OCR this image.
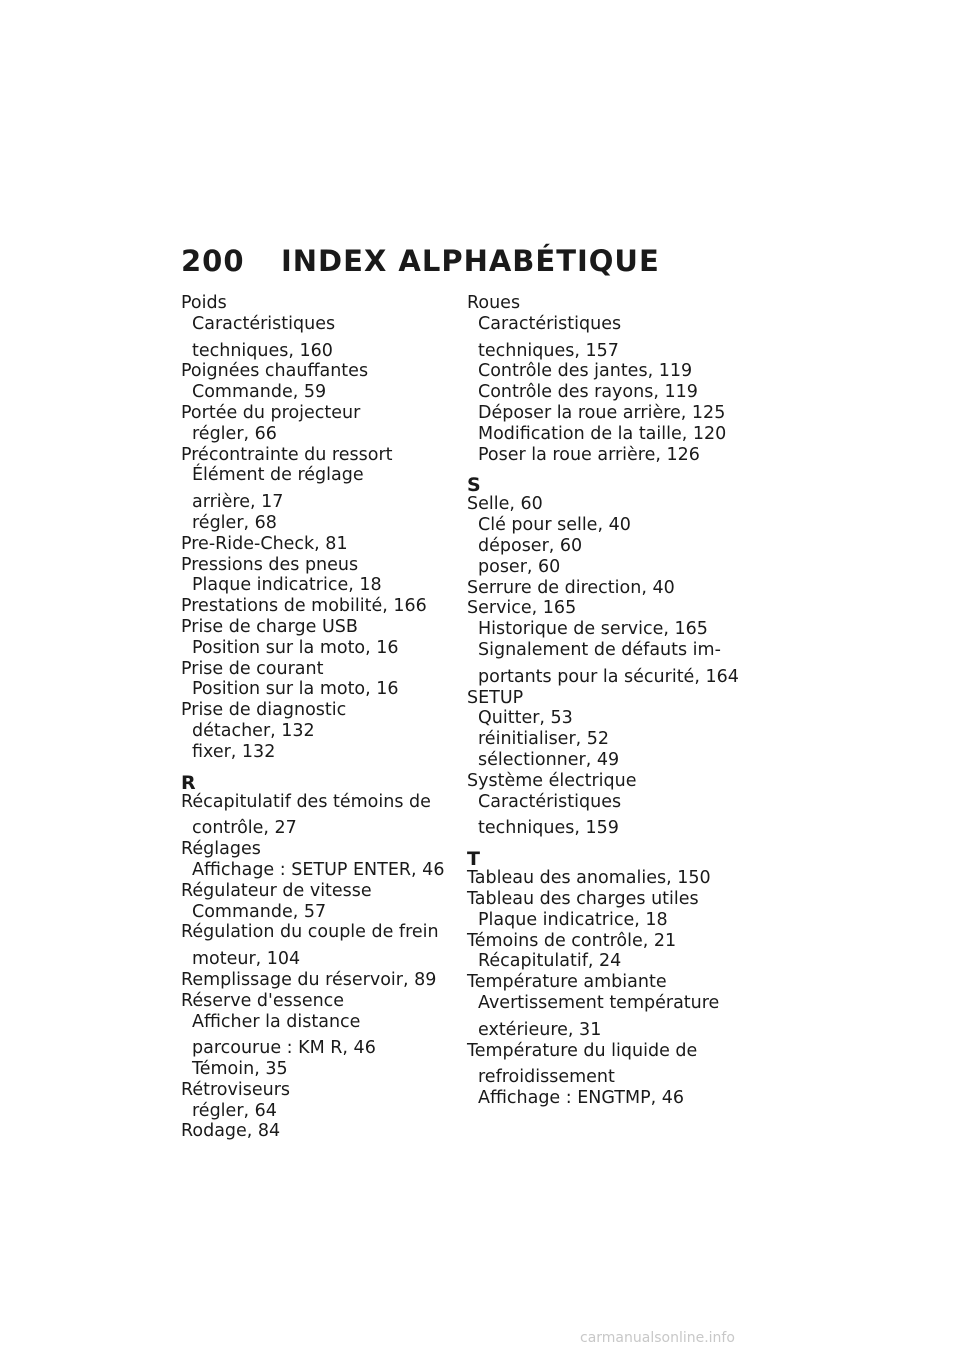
200 INDEX ALPHABÉTIQUE
Poids
Caractéristiques
techniques, 160
Poignées chauffantes
Commande, 59
Portée du projecteur
régler, 66
Précontrainte du ressort
Élément de réglage
arrière, 17
régler, 68
Pre-Ride-Check, 81
Pressions des pneus
Plaque indicatrice, 18
Prestations de mobilité, 166
Prise de charge USB
Position sur la moto, 16
Prise de courant
Position sur la moto, 16
Prise de diagnostic
détacher, 132
fixer, 132
R
Récapitulatif des témoins de
contrôle, 27
Réglages
Affichage : SETUP ENTER, 46
Régulateur de vitesse
Commande, 57
Régulation du couple de frein
moteur, 104
Remplissage du réservoir, 89
Réserve d'essence
Afficher la distance
parcourue : KM R, 46
Témoin, 35
Rétroviseurs
régler, 64
Rodage, 84
Roues
Caractéristiques
techniques, 157
Contrôle des jantes, 119
Contrôle des rayons, 119
Déposer la roue arrière, 125
Modification de la taille, 120
Poser la roue arrière, 126
S
Selle, 60
Clé pour selle, 40
déposer, 60
poser, 60
Serrure de direction, 40
Service, 165
Historique de service, 165
Signalement de défauts im-
portants pour la sécurité, 164
SETUP
Quitter, 53
réinitialiser, 52
sélectionner, 49
Système électrique
Caractéristiques
techniques, 159
T
Tableau des anomalies, 150
Tableau des charges utiles
Plaque indicatrice, 18
Témoins de contrôle, 21
Récapitulatif, 24
Température ambiante
Avertissement température
extérieure, 31
Température du liquide de
refroidissement
Affichage : ENGTMP, 46
carmanualsonline.info
